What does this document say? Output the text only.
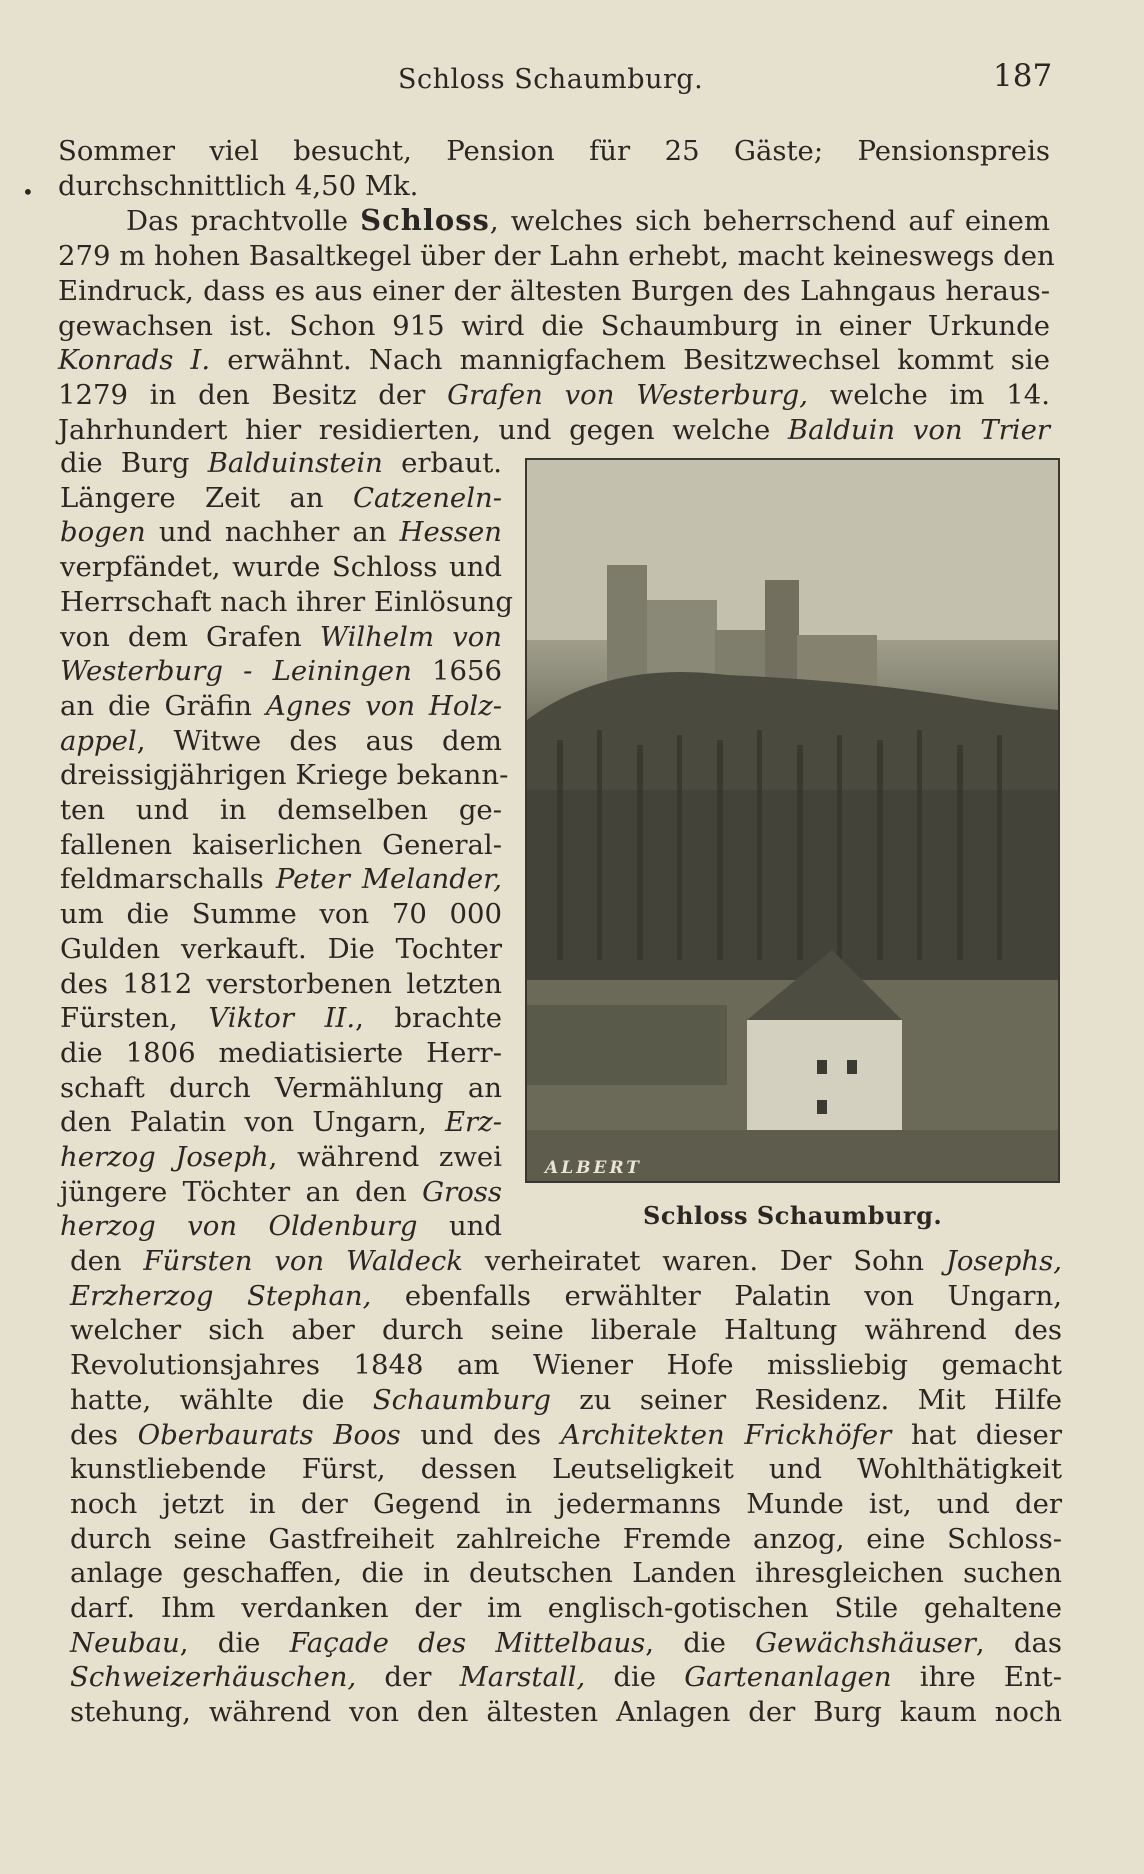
Schloss Schaumburg.	187
•
Sommer viel besucht, Pension für 25 Gäste; Pensionspreis
durchschnittlich 4,50 Mk.
Das prachtvolle Schloss, welches sich beherrschend auf einem
279 m hohen Basaltkegel über der Lahn erhebt, macht keineswegs den
Eindruck, dass es aus einer der ältesten Burgen des Lahngaus heraus-
gewachsen ist. Schon 915 wird die Schaumburg in einer Urkunde
Konrads I. erwähnt. Nach mannigfachem Besitzwechsel kommt sie
1279 in den Besitz der Grafen von Westerburg, welche im 14.
Jahrhundert hier residierten, und gegen welche Balduin von Trier
die Burg Balduinstein erbaut.
Längere Zeit an Catzeneln-
bogen und nachher an Hessen
verpfändet, wurde Schloss und
Herrschaft nach ihrer Einlösung
von dem Grafen Wilhelm von
Westerburg - Leiningen 1656
an die Gräfin Agnes von Holz-
appel, Witwe des aus dem
dreissigjährigen Kriege bekann-
ten und in demselben ge-
fallenen kaiserlichen General-
feldmarschalls Peter Melander,
um die Summe von 70 000
Gulden verkauft. Die Tochter
des 1812 verstorbenen letzten
Fürsten, Viktor II., brachte
die 1806 mediatisierte Herr-
schaft durch Vermählung an
den Palatin von Ungarn, Erz-
herzog Joseph, während zwei
jüngere Töchter an den Gross
herzog von Oldenburg und
ALBERT
Schloss Schaumburg.
den Fürsten von Waldeck verheiratet waren. Der Sohn Josephs,
Erzherzog Stephan, ebenfalls erwählter Palatin von Ungarn,
welcher sich aber durch seine liberale Haltung während des
Revolutionsjahres 1848 am Wiener Hofe missliebig gemacht
hatte, wählte die Schaumburg zu seiner Residenz. Mit Hilfe
des Oberbaurats Boos und des Architekten Frickhöfer hat dieser
kunstliebende Fürst, dessen Leutseligkeit und Wohlthätigkeit
noch jetzt in der Gegend in jedermanns Munde ist, und der
durch seine Gastfreiheit zahlreiche Fremde anzog, eine Schloss-
anlage geschaffen, die in deutschen Landen ihresgleichen suchen
darf. Ihm verdanken der im englisch-gotischen Stile gehaltene
Neubau, die Façade des Mittelbaus, die Gewächshäuser, das
Schweizerhäuschen, der Marstall, die Gartenanlagen ihre Ent-
stehung, während von den ältesten Anlagen der Burg kaum noch
